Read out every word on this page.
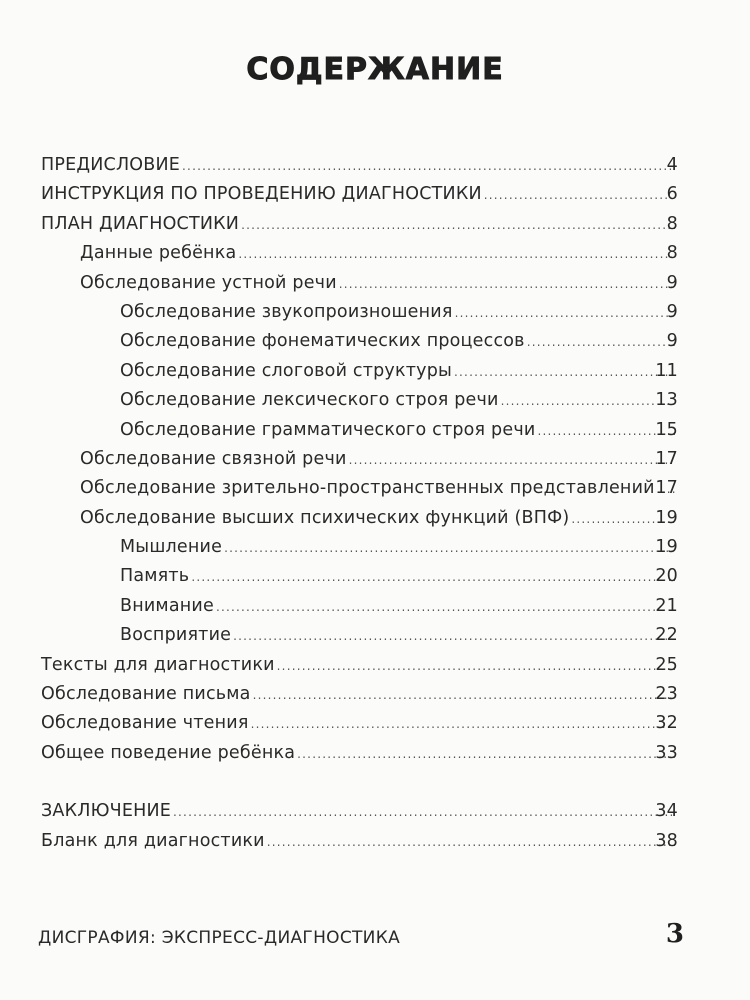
СОДЕРЖАНИЕ
ПРЕДИСЛОВИЕ .....	4
ИНСТРУКЦИЯ ПО ПРОВЕДЕНИЮ ДИАГНОСТИКИ .....	6
ПЛАН ДИАГНОСТИКИ .....	8
Данные ребёнка .....	8
Обследование устной речи .....	9
Обследование звукопроизношения .....	9
Обследование фонематических процессов .....	9
Обследование слоговой структуры .....	11
Обследование лексического строя речи .....	13
Обследование грамматического строя речи .....	15
Обследование связной речи .....	17
Обследование зрительно-пространственных представлений ..... 17
Обследование высших психических функций (ВПФ) .....	19
Мышление .....	19
Память .....	20
Внимание .....	21
Восприятие .....	22
Тексты для диагностики .....	25
Обследование письма .....	23
Обследование чтения .....	32
Общее поведение ребёнка .....	33
ЗАКЛЮЧЕНИЕ .....	34
Бланк для диагностики .....	38
ДИСГРАФИЯ: ЭКСПРЕСС-ДИАГНОСТИКА	3
